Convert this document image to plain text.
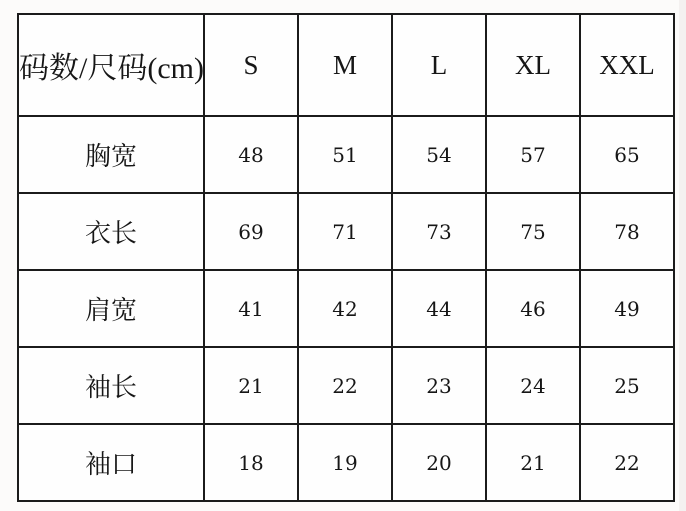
码数/尺码(cm)	S	M	L	XL	XXL
胸宽	48	51	54	57	65
衣长	69	71	73	75	78
肩宽	41	42	44	46	49
袖长	21	22	23	24	25
袖口	18	19	20	21	22
